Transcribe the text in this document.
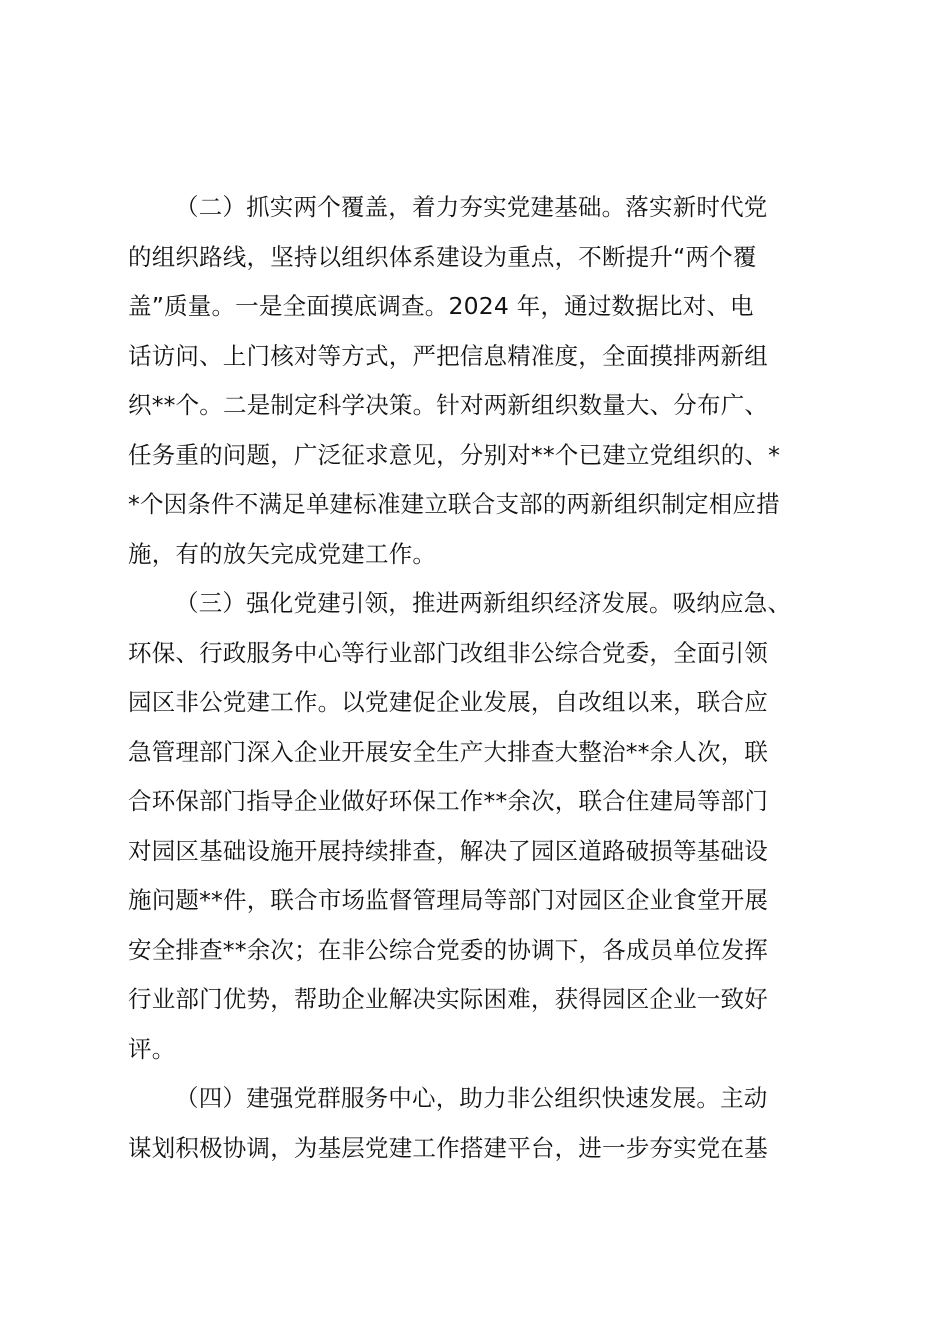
（二）抓实两个覆盖，着力夯实党建基础。落实新时代党
的组织路线，坚持以组织体系建设为重点，不断提升“两个覆
盖”质量。一是全面摸底调查。2024 年，通过数据比对、电
话访问、上门核对等方式，严把信息精准度，全面摸排两新组
织**个。二是制定科学决策。针对两新组织数量大、分布广、
任务重的问题，广泛征求意见，分别对**个已建立党组织的、*
*个因条件不满足单建标准建立联合支部的两新组织制定相应措
施，有的放矢完成党建工作。
（三）强化党建引领，推进两新组织经济发展。吸纳应急、
环保、行政服务中心等行业部门改组非公综合党委，全面引领
园区非公党建工作。以党建促企业发展，自改组以来，联合应
急管理部门深入企业开展安全生产大排查大整治**余人次，联
合环保部门指导企业做好环保工作**余次，联合住建局等部门
对园区基础设施开展持续排查，解决了园区道路破损等基础设
施问题**件，联合市场监督管理局等部门对园区企业食堂开展
安全排查**余次；在非公综合党委的协调下，各成员单位发挥
行业部门优势，帮助企业解决实际困难，获得园区企业一致好
评。
（四）建强党群服务中心，助力非公组织快速发展。主动
谋划积极协调，为基层党建工作搭建平台，进一步夯实党在基
